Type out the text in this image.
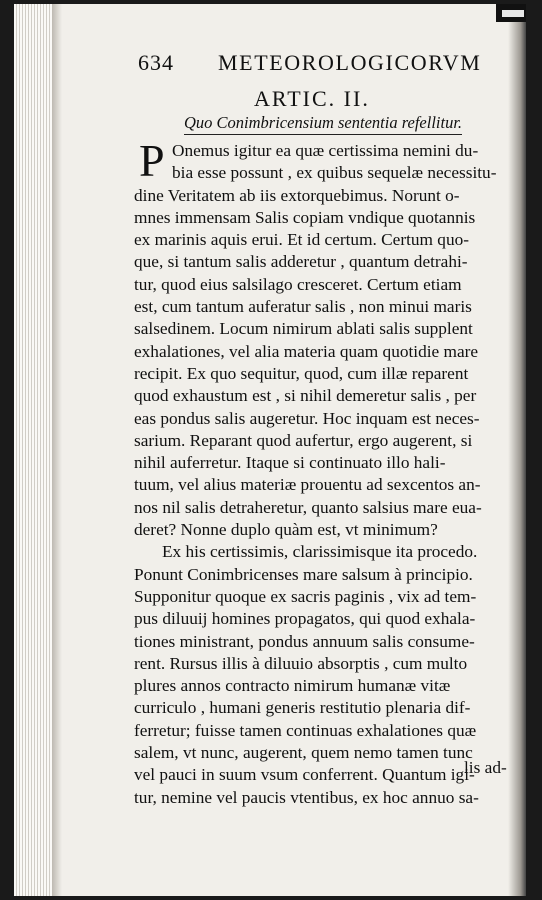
634 METEOROLOGICORVM
ARTIC. II.
Quo Conimbricensium sententia refellitur.
P Onemus igitur ea quæ certissima nemini du-
bia esse possunt , ex quibus sequelæ necessitu-
dine Veritatem ab iis extorquebimus. Norunt o-
mnes immensam Salis copiam vndique quotannis
ex marinis aquis erui. Et id certum. Certum quo-
que, si tantum salis adderetur , quantum detrahi-
tur, quod eius salsilago cresceret. Certum etiam
est, cum tantum auferatur salis , non minui maris
salsedinem. Locum nimirum ablati salis supplent
exhalationes, vel alia materia quam quotidie mare
recipit. Ex quo sequitur, quod, cum illæ reparent
quod exhaustum est , si nihil demeretur salis , per
eas pondus salis augeretur. Hoc inquam est neces-
sarium. Reparant quod aufertur, ergo augerent, si
nihil auferretur. Itaque si continuato illo hali-
tuum, vel alius materiæ prouentu ad sexcentos an-
nos nil salis detraheretur, quanto salsius mare eua-
deret? Nonne duplo quàm est, vt minimum?
Ex his certissimis, clarissimisque ita procedo.
Ponunt Conimbricenses mare salsum à principio.
Supponitur quoque ex sacris paginis , vix ad tem-
pus diluuij homines propagatos, qui quod exhala-
tiones ministrant, pondus annuum salis consume-
rent. Rursus illis à diluuio absorptis , cum multo
plures annos contracto nimirum humanæ vitæ
curriculo , humani generis restitutio plenaria dif-
ferretur; fuisse tamen continuas exhalationes quæ
salem, vt nunc, augerent, quem nemo tamen tunc
vel pauci in suum vsum conferrent. Quantum igi-
tur, nemine vel paucis vtentibus, ex hoc annuo sa-
lis ad-
